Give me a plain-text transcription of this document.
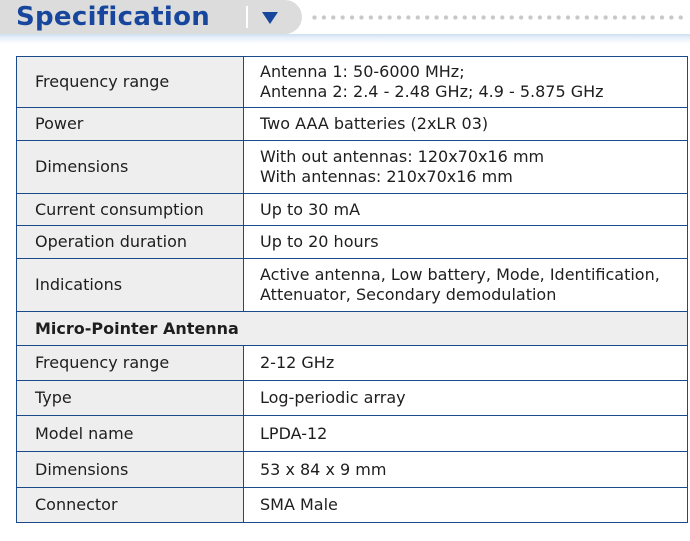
Specification
Frequency range	Antenna 1: 50-6000 MHz;
Antenna 2: 2.4 - 2.48 GHz; 4.9 - 5.875 GHz

Power	Two AAA batteries (2xLR 03)

Dimensions	With out antennas: 120x70x16 mm
With antennas: 210x70x16 mm

Current consumption	Up to 30 mA

Operation duration	Up to 20 hours

Indications	Active antenna, Low battery, Mode, Identification,
Attenuator, Secondary demodulation

Micro-Pointer Antenna	
Frequency range	2-12 GHz

Type	Log-periodic array

Model name	LPDA-12

Dimensions	53 x 84 x 9 mm

Connector	SMA Male
